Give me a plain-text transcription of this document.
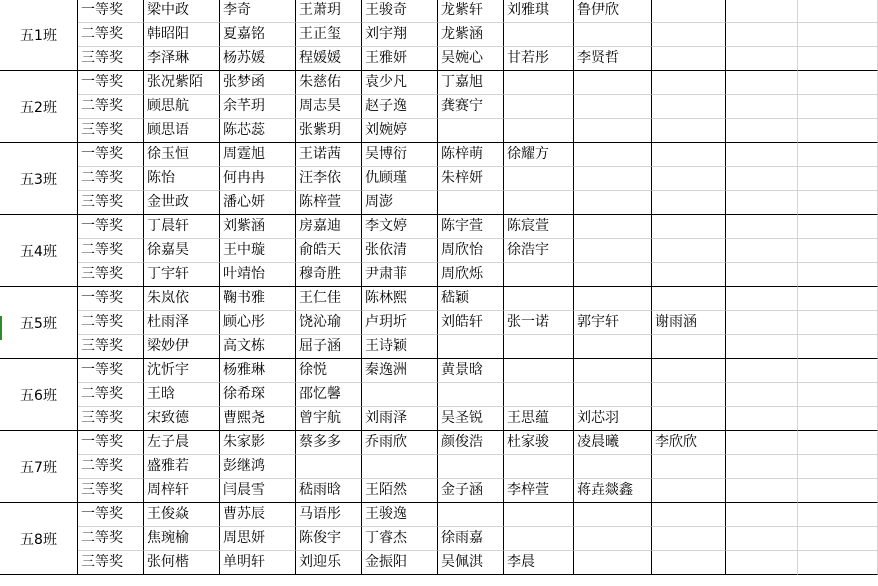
五1班
一等奖	梁中政	李奇	王萧玥	王骏奇	龙紫轩	刘雅琪	鲁伊欣
二等奖	韩昭阳	夏嘉铭	王正玺	刘宇翔	龙紫涵
三等奖	李泽琳	杨苏媛	程媛媛	王雅妍	吴婉心	甘若彤	李贤哲
五2班
一等奖	张况紫陌	张梦函	朱慈佑	袁少凡	丁嘉旭
二等奖	顾思航	余芊玥	周志昊	赵子逸	龚赛宁
三等奖	顾思语	陈芯蕊	张紫玥	刘婉婷
五3班
一等奖	徐玉恒	周霆旭	王诺茜	吴博衍	陈梓萌	徐耀方
二等奖	陈怡	何冉冉	汪李依	仇顾瑾	朱梓妍
三等奖	金世政	潘心妍	陈梓萱	周澎
五4班
一等奖	丁晨轩	刘紫涵	房嘉迪	李文婷	陈宇萱	陈宸萱
二等奖	徐嘉昊	王中璇	俞皓天	张依清	周欣怡	徐浩宇
三等奖	丁宇轩	叶靖怡	穆奇胜	尹肃菲	周欣烁
五5班
一等奖	朱岚依	鞠书雅	王仁佳	陈林熙	嵇颖
二等奖	杜雨泽	顾心彤	饶沁瑜	卢玥圻	刘皓轩	张一诺	郭宇轩	谢雨涵
三等奖	梁妙伊	高文栋	屈子涵	王诗颖
五6班
一等奖	沈忻宇	杨雅琳	徐悦	秦逸洲	黄景晗
二等奖	王晗	徐希琛	邵忆馨
三等奖	宋致德	曹熙尧	曾宇航	刘雨泽	吴圣锐	王思蕴	刘芯羽
五7班
一等奖	左子晨	朱家影	蔡多多	乔雨欣	颜俊浩	杜家骏	凌晨曦	李欣欣
二等奖	盛雅若	彭继鸿
三等奖	周梓轩	闫晨雪	嵇雨晗	王陌然	金子涵	李梓萱	蒋垚燚鑫
五8班
一等奖	王俊焱	曹苏辰	马语彤	王骏逸
二等奖	焦琬榆	周思妍	陈俊宇	丁睿杰	徐雨嘉
三等奖	张何楷	单明轩	刘迎乐	金振阳	吴佩淇	李晨
